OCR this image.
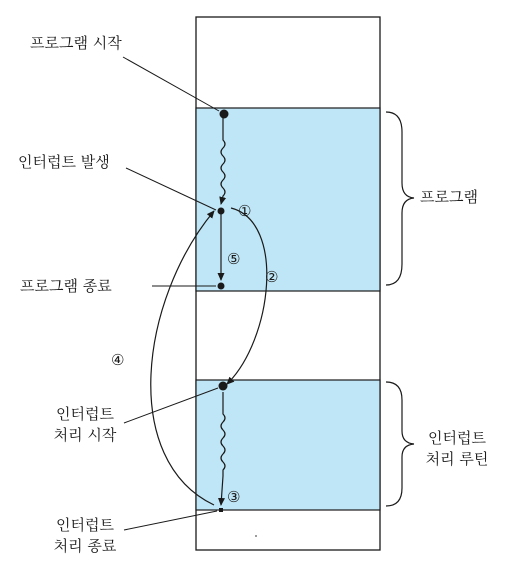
프로그램 시작
인터럽트 발생
프로그램 종료
인터럽트
처리 시작
인터럽트
처리 종료
프로그램
인터럽트
처리 루틴
①
②
③
④
⑤
